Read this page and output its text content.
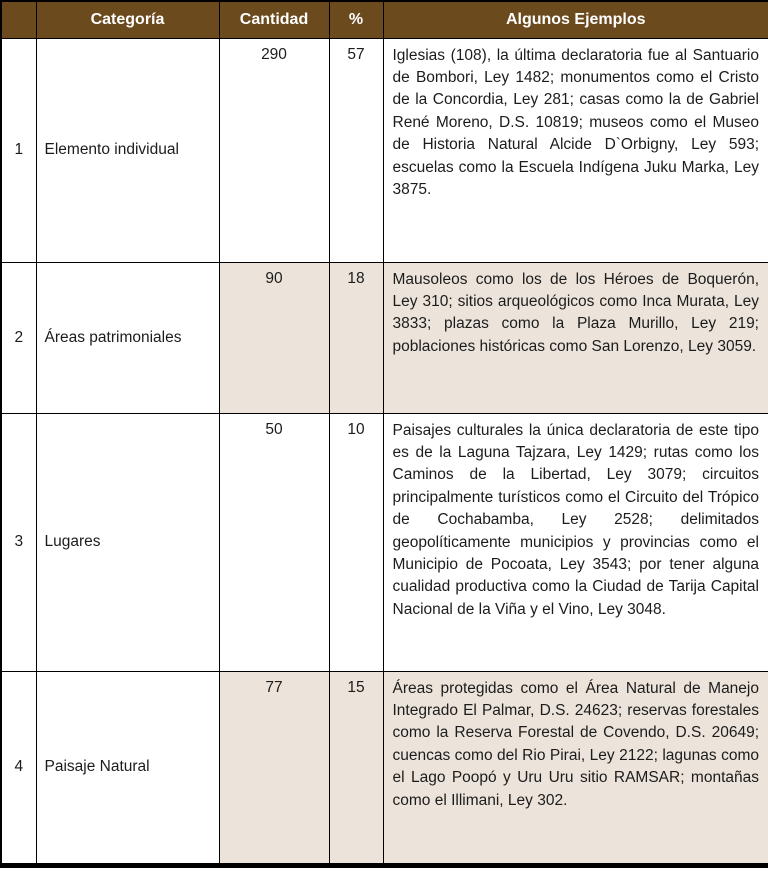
	Categoría	Cantidad	%	Algunos Ejemplos
1	Elemento individual	290	57	Iglesias (108), la última declaratoria fue al Santuario de Bombori, Ley 1482; monumentos como el Cristo de la Concordia, Ley 281; casas como la de Gabriel René Moreno, D.S. 10819; museos como el Museo de Historia Natural Alcide D`Orbigny, Ley 593; escuelas como la Escuela Indígena Juku Marka, Ley 3875.
2	Áreas patrimoniales	90	18	Mausoleos como los de los Héroes de Boquerón, Ley 310; sitios arqueológicos como Inca Murata, Ley 3833; plazas como la Plaza Murillo, Ley 219; poblaciones históricas como San Lorenzo, Ley 3059.
3	Lugares	50	10	Paisajes culturales la única declaratoria de este tipo es de la Laguna Tajzara, Ley 1429; rutas como los Caminos de la Libertad, Ley 3079; circuitos principalmente turísticos como el Circuito del Trópico de Cochabamba, Ley 2528; delimitados geopolíticamente municipios y provincias como el Municipio de Pocoata, Ley 3543; por tener alguna cualidad productiva como la Ciudad de Tarija Capital Nacional de la Viña y el Vino, Ley 3048.
4	Paisaje Natural	77	15	Áreas protegidas como el Área Natural de Manejo Integrado El Palmar, D.S. 24623; reservas forestales como la Reserva Forestal de Covendo, D.S. 20649; cuencas como del Rio Pirai, Ley 2122; lagunas como el Lago Poopó y Uru Uru sitio RAMSAR; montañas como el Illimani, Ley 302.
